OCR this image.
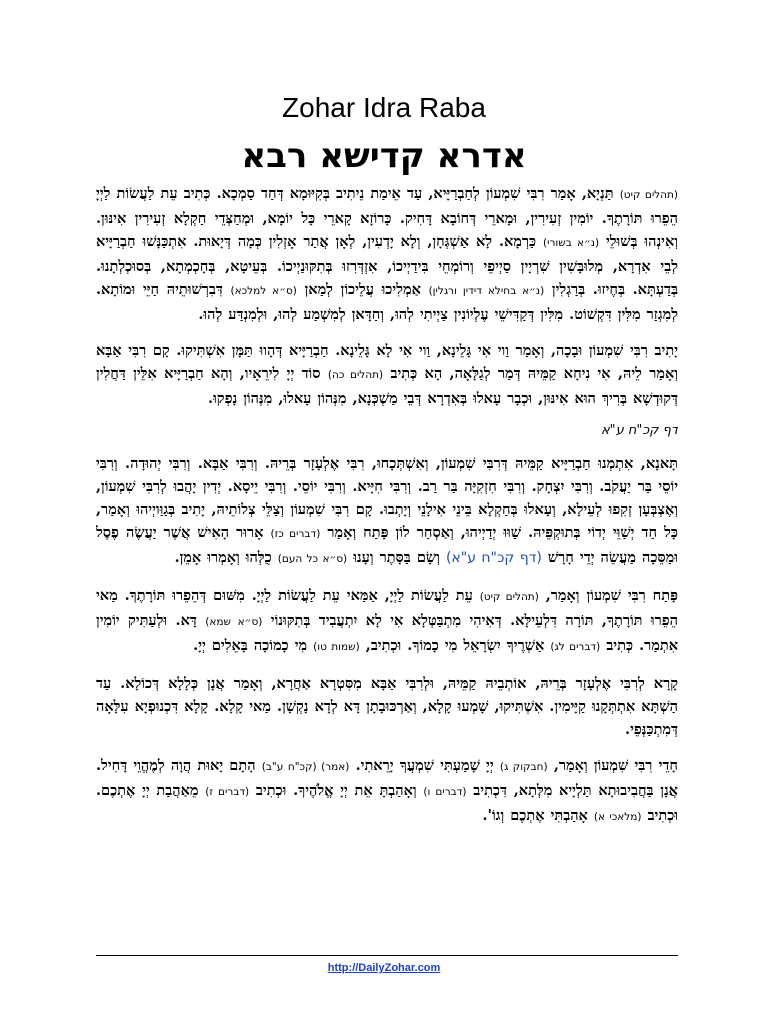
Zohar Idra Raba
אדרא קדישא רבא

(תהלים קיט) תַּנְיָא, אָמַר רִבִּי שִׁמְעוֹן לְחַבְרַיָּיא, עַד אֵימַת נֵיתִיב בְּקִיּוּמָא דְּחַד סַמְכָא. כְּתִיב עֵת לַעֲשׂוֹת לַיְיָ הֵפֵרוּ תּוֹרָתֶךָ. יוֹמִין זְעִירִין, וּמָארֵי דְּחוֹבָא דָּחִיק. כָּרוֹזָא קָארֵי כָּל יוֹמָא, וּמְחַצְּדֵי חַקְלָא זְעִירִין אִינּוּן. וְאִינְהוּ בְּשׁוּלֵי (נ״א בשורי) כַּרְמָא. לָא אַשְׁגְּחָן, וְלָא יָדְעִין, לְאָן אֲתַר אָזְלִין כְּמָה דְּיָאוּת. אִתְכַּנָּשׁוּ חַבְרַיָּיא לְבֵי אִדְרָא, מְלוּבָּשִׁין שִׁרְיָין סַיְיפֵי וְרוֹמְחֵי בִּידַיְיכוֹ, אִזְדְּרִזוּ בְּתִקּוּנַיְיכוֹ. בְּעֵיטָא, בְּחָכְמְתָא, בְּסוּכְלְתָנוּ. בְּדַעְתָּא. בְּחֶיזוּ. בְּרַגְלִין (נ״א בחילא דידין ורגלין) אַמְלִיכוּ עֲלֵיכוֹן לְמַאן (ס״א למלכא) דִּבִרְשׁוּתֵיהּ חַיֵּי וּמוֹתָא. לְמִגְזַר מִלִּין דִּקְשׁוֹט. מִלִּין דְּקַדִּישֵׁי עֶלְיוֹנִין צַיְיתִי לְהוּ, וְחַדָּאן לְמִשְׁמַע לְהוּ, וּלְמִנְדַּע לְהוּ.

יָתִיב רִבִּי שִׁמְעוֹן וּבָכָה, וְאָמַר וַוי אִי גָּלֵינָא, וַוי אִי לָא גָּלֵינָא. חַבְרַיָּיא דְּהָווּ תַּמָּן אִשְׁתִּיקוּ. קָם רִבִּי אַבָּא וְאָמַר לֵיהּ, אִי נִיחָא קַמֵּיהּ דְּמַר לְגַלָּאָה, הָא כְּתִיב (תהלים כה) סוֹד יְיָ לִירֵאָיו, וְהָא חַבְרַיָּיא אִלֵּין דַּחֲלִין דְּקוּדְשָׁא בְּרִיךְ הוּא אִינּוּן, וּכְבָר עָאלוּ בְּאִדְרָא דְּבֵי מַשְׁכְּנָא, מִנְּהוֹן עָאלוּ, מִנְּהוֹן נָפְקוּ.

דף קכ"ח ע"א

תָּאנָא, אִתְמְנוּ חַבְרַיָּיא קַמֵּיהּ דְּרִבִּי שִׁמְעוֹן, וְאִשְׁתְּכָחוּ, רִבִּי אֶלְעָזָר בְּרֵיהּ. וְרִבִּי אַבָּא. וְרִבִּי יְהוּדָה. וְרִבִּי יוֹסֵי בַּר יַעֲקֹב. וְרִבִּי יִצְחָק. וְרִבִּי חִזְקִיָּה בַּר רַב. וְרִבִּי חִיָּיא. וְרִבִּי יוֹסֵי. וְרִבִּי יֵיסָא. יְדִין יָהֲבוּ לְרִבִּי שִׁמְעוֹן, וְאֶצְבְּעָן זְקִפוּ לְעֵילָא, וְעָאלוּ בְּחַקְלָא בֵּינֵי אִילָנֵי וְיָתְבוּ. קָם רִבִּי שִׁמְעוֹן וְצַלֵּי צְלוֹתֵיהּ, יָתִיב בְּגַוַּויְיהוּ וְאָמַר, כָּל חַד יְשַׁוֵּי יְדוֹי בְּתוּקְפֵּיהּ. שַׁוּוּ יְדַיְיהוּ, וְאַסְחַר לוֹן פָּתַח וְאָמַר (דברים כז) אָרוּר הָאִישׁ אֲשֶׁר יַעֲשֶׂה פֶסֶל וּמַסֵּכָה מַעֲשֵׂה יְדֵי חָרָשׁ (דף קכ"ח ע"א) וְשָׂם בַּסָּתֶר וְעָנוּ (ס״א כל העם) כֻלְּהוּ וְאָמְרוּ אָמֵן.

פָּתַח רִבִּי שִׁמְעוֹן וְאָמַר, (תהלים קיט) עֵת לַעֲשׂוֹת לַיְיָ, אַמַּאי עֵת לַעֲשׂוֹת לַיְיָ. מִשּׁוּם דְּהֵפֵרוּ תּוֹרָתֶךָ. מַאי הֵפֵרוּ תּוֹרָתֶךָ, תּוֹרָה דִּלְעֵילָּא. דְּאִיהִי מִתְבַּטְּלָא אִי לָא יִתְעֲבִיד בְּתִקּוּנוֹי (ס״א שמא) דָּא. וּלְעַתִּיק יוֹמִין אִתְמַר. כְּתִיב (דברים לג) אַשְׁרֶיךָ יִשְׂרָאֵל מִי כָמוֹךָ. וּכְתִיב, (שמות טו) מִי כָמוֹכָה בָּאֵלִים יְיָ.

קָרָא לְרִבִּי אֶלְעָזָר בְּרֵיהּ, אוֹתְבֵיהּ קַמֵּיהּ, וּלְרִבִּי אַבָּא מִסִּטְרָא אַחֲרָא, וְאָמַר אֲנָן כְּלָלָא דְּכוֹלָא. עַד הַשְׁתָּא אִתְתְּקָנוּ קַיָּימִין. אִשְׁתִּיקוּ, שָׁמְעוּ קָלָא, וְאַרְכּוּבָתָן דָּא לְדָא נָקְשָׁן. מַאי קָלָא. קָלָא דִּכְנוּפְיָא עִלָּאָה דְּמִתְכַּנְּפֵי.

חָדֵי רִבִּי שִׁמְעוֹן וְאָמַר, (חבקוק ג) יְיָ שָׁמַעְתִּי שִׁמְעֲךָ יָרֵאתִי. (אמר) (קכ"ח ע"ב) הָתָם יָאוּת הֲוָה לְמֶהֱוֵי דָּחִיל. אֲנָן בַּחֲבִיבוּתָא תַּלְיָיא מִלְּתָא, דִּכְתִיב (דברים ו) וְאָהַבְתָּ אֵת יְיָ אֱלֹהֶיךָ. וּכְתִיב (דברים ז) מֵאַהֲבַת יְיָ אֶתְכֶם. וּכְתִיב (מלאכי א) אָהַבְתִּי אֶתְכֶם וְגוֹ'.

http://DailyZohar.com
